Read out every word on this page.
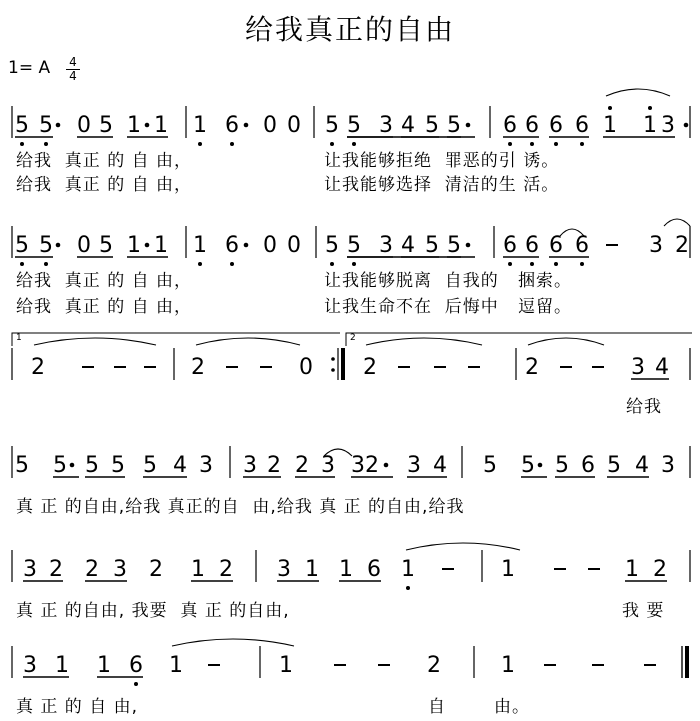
给我真正的自由
1= A 4
4
5 5 0 5 1 1 1 6 0 0 5 5 3 4 5 5 6 6 6 6 1 1 3
5 5 0 5 1 1 1 6 0 0 5 5 3 4 5 5 6 6 6 6	3 2
2	2	0 2	2	3 4
5 5 5 5 5 4 3 3 2 2 3 3 2 3 4 5 5 5 6 5 4 3
3 2 2 3 2 1 2 3 1 1 6 1	1	1 2
3 1 1 6 1	1	2	1
给我  真正 的 自 由，	让我能够拒绝  罪恶的引 诱。
给我  真正 的 自 由，	让我能够选择  清洁的生 活。
给我  真正 的 自 由，	让我能够脱离  自我的   捆索。
给我  真正 的 自 由，	让我生命不在  后悔中   逗留。
给我
真 正 的自由,给我 真正的自  由,给我 真 正 的自由,给我
真 正 的自由, 我要  真 正 的自由,	我 要
真 正 的 自 由,	自	由。
1	2
